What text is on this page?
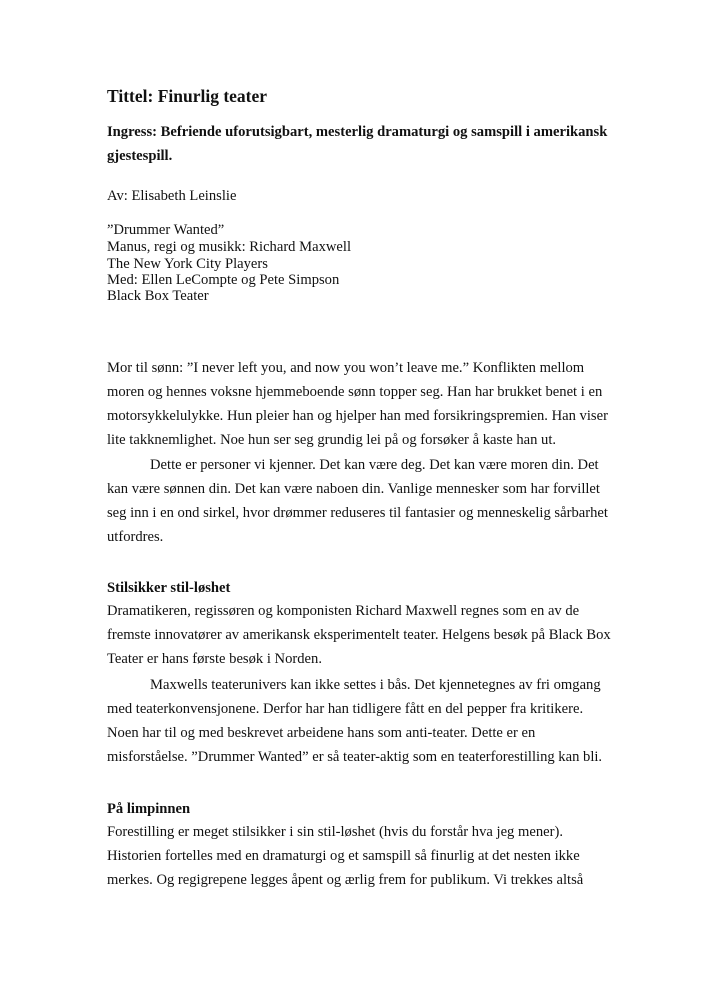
Tittel: Finurlig teater
Ingress: Befriende uforutsigbart, mesterlig dramaturgi og samspill i amerikansk
gjestespill.
Av: Elisabeth Leinslie
”Drummer Wanted”
Manus, regi og musikk: Richard Maxwell
The New York City Players
Med: Ellen LeCompte og Pete Simpson
Black Box Teater
Mor til sønn: ”I never left you, and now you won’t leave me.” Konflikten mellom
moren og hennes voksne hjemmeboende sønn topper seg. Han har brukket benet i en
motorsykkelulykke. Hun pleier han og hjelper han med forsikringspremien. Han viser
lite takknemlighet. Noe hun ser seg grundig lei på og forsøker å kaste han ut.
Dette er personer vi kjenner. Det kan være deg. Det kan være moren din. Det
kan være sønnen din. Det kan være naboen din. Vanlige mennesker som har forvillet
seg inn i en ond sirkel, hvor drømmer reduseres til fantasier og menneskelig sårbarhet
utfordres.
Stilsikker stil-løshet
Dramatikeren, regissøren og komponisten Richard Maxwell regnes som en av de
fremste innovatører av amerikansk eksperimentelt teater. Helgens besøk på Black Box
Teater er hans første besøk i Norden.
Maxwells teaterunivers kan ikke settes i bås. Det kjennetegnes av fri omgang
med teaterkonvensjonene. Derfor har han tidligere fått en del pepper fra kritikere.
Noen har til og med beskrevet arbeidene hans som anti-teater. Dette er en
misforståelse. ”Drummer Wanted” er så teater-aktig som en teaterforestilling kan bli.
På limpinnen
Forestilling er meget stilsikker i sin stil-løshet (hvis du forstår hva jeg mener).
Historien fortelles med en dramaturgi og et samspill så finurlig at det nesten ikke
merkes. Og regigrepene legges åpent og ærlig frem for publikum. Vi trekkes altså
